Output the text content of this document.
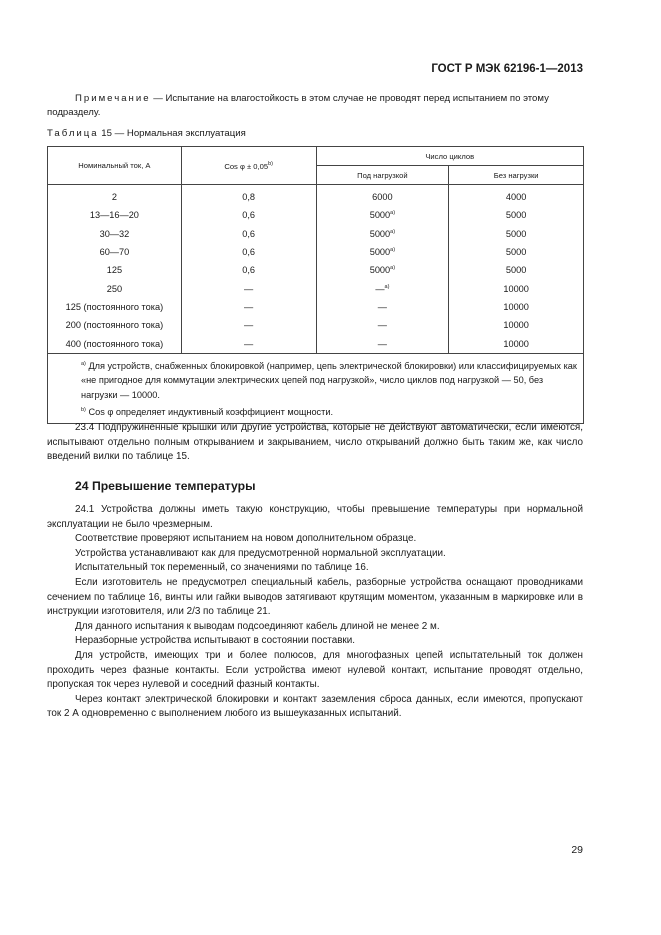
ГОСТ Р МЭК 62196-1—2013
Примечание — Испытание на влагостойкость в этом случае не проводят перед испытанием по этому подразделу.
Таблица 15 — Нормальная эксплуатация
Номинальный ток, А	Cos $\varphi \pm 0,05^{b)}$	Число циклов	
		Под нагрузкой	Без нагрузки
2	0,8	6000	4000
13—16—20	0,6	5000$^{a)}$	5000
30—32	0,6	5000$^{a)}$	5000
60—70	0,6	5000$^{a)}$	5000
125	0,6	5000$^{a)}$	5000
250	—	—$^{a)}$	10000
125 (постоянного тока)	—	—	10000
200 (постоянного тока)	—	—	10000
400 (постоянного тока)	—	—	10000

$^{a)}$ Для устройств, снабженных блокировкой (например, цепь электрической блокировки) или классифицируемых как «не пригодное для коммутации электрических цепей под нагрузкой», число циклов под нагрузкой — 50, без нагрузки — 10000.
$^{b)}$ Cos φ определяет индуктивный коэффициент мощности.			

23.4 Подпружиненные крышки или другие устройства, которые не действуют автоматически, если имеются, испытывают отдельно полным открыванием и закрыванием, число открываний должно быть таким же, как число введений вилки по таблице 15.

24 Превышение температуры

24.1 Устройства должны иметь такую конструкцию, чтобы превышение температуры при нормальной эксплуатации не было чрезмерным.

Соответствие проверяют испытанием на новом дополнительном образце.

Устройства устанавливают как для предусмотренной нормальной эксплуатации.

Испытательный ток переменный, со значениями по таблице 16.

Если изготовитель не предусмотрел специальный кабель, разборные устройства оснащают проводниками сечением по таблице 16, винты или гайки выводов затягивают крутящим моментом, указанным в маркировке или в инструкции изготовителя, или 2/3 по таблице 21.

Для данного испытания к выводам подсоединяют кабель длиной не менее 2 м.

Неразборные устройства испытывают в состоянии поставки.

Для устройств, имеющих три и более полюсов, для многофазных цепей испытательный ток должен проходить через фазные контакты. Если устройства имеют нулевой контакт, испытание проводят отдельно, пропуская ток через нулевой и соседний фазный контакты.

Через контакт электрической блокировки и контакт заземления сброса данных, если имеются, пропускают ток 2 А одновременно с выполнением любого из вышеуказанных испытаний.

29
